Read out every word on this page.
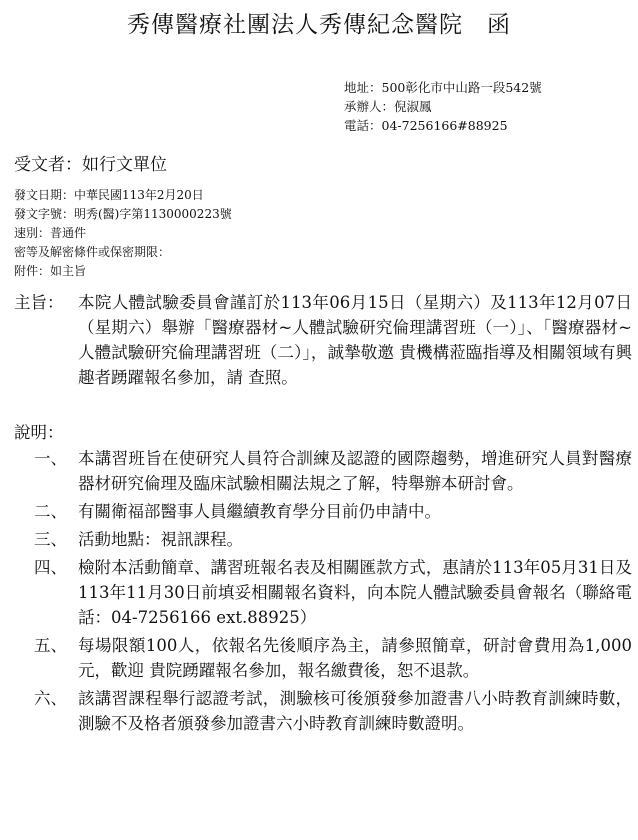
秀傳醫療社團法人秀傳紀念醫院　函
地址：500彰化市中山路一段542號
承辦人：倪淑鳳
電話：04-7256166#88925
受文者：如行文單位
發文日期：中華民國113年2月20日
發文字號：明秀(醫)字第1130000223號
速別：普通件
密等及解密條件或保密期限：
附件：如主旨
主旨： 本院人體試驗委員會謹訂於113年06月15日（星期六）及113年12月07日（星期六）舉辦「醫療器材~人體試驗研究倫理講習班（一）」、「醫療器材~人體試驗研究倫理講習班（二）」，誠摯敬邀 貴機構蒞臨指導及相關領域有興趣者踴躍報名參加，請 查照。
說明：
一、 本講習班旨在使研究人員符合訓練及認證的國際趨勢，增進研究人員對醫療器材研究倫理及臨床試驗相關法規之了解，特舉辦本研討會。
二、 有關衛福部醫事人員繼續教育學分目前仍申請中。
三、 活動地點：視訊課程。
四、 檢附本活動簡章、講習班報名表及相關匯款方式，惠請於113年05月31日及113年11月30日前填妥相關報名資料，向本院人體試驗委員會報名（聯絡電話：04-7256166 ext.88925）
五、 每場限額100人，依報名先後順序為主，請參照簡章，研討會費用為1,000元，歡迎 貴院踴躍報名參加，報名繳費後，恕不退款。
六、 該講習課程舉行認證考試，測驗核可後頒發參加證書八小時教育訓練時數，測驗不及格者頒發參加證書六小時教育訓練時數證明。
